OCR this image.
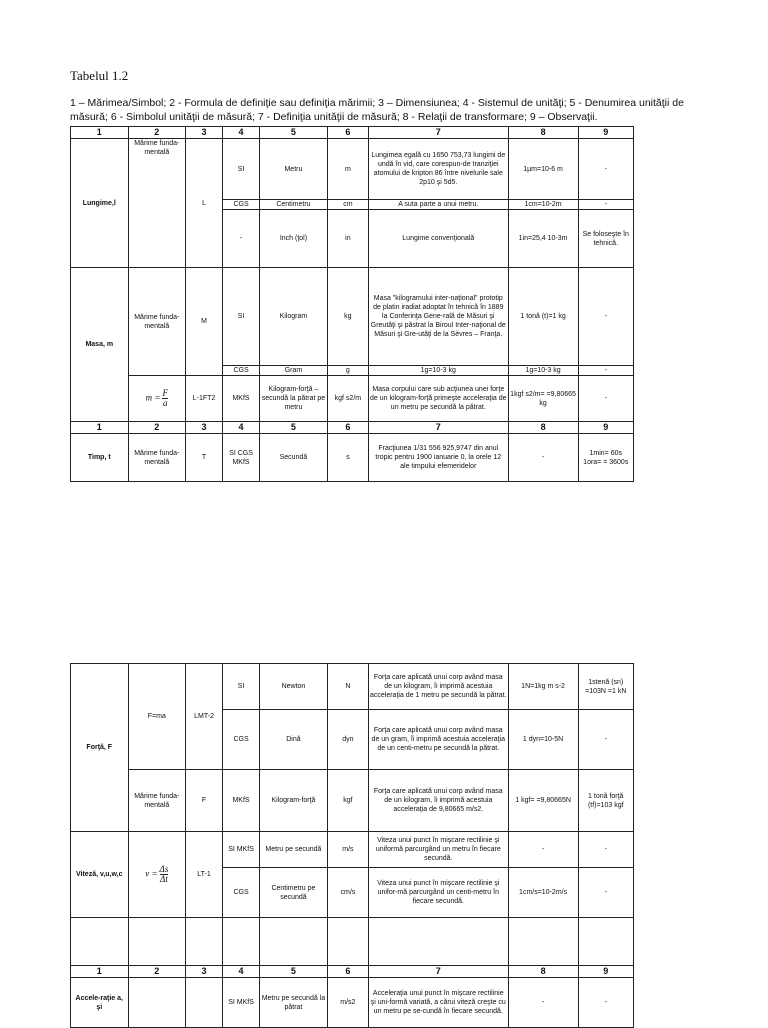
Tabelul 1.2
1 – Mărimea/Simbol; 2 - Formula de definiţie sau definiţia mărimii; 3 – Dimensiunea; 4 - Sistemul de unităţi; 5 - Denumirea unităţii de măsură; 6 - Simbolul unităţii de măsură; 7 - Definiţia unităţii de măsură; 8 - Relaţii de transformare; 9 – Observaţii.
1	2	3	4	5	6	7	8	9
Lungime,l	Mărime funda-mentală	L	SI	Metru	m	Lungimea egală cu 1650 753,73 lungimi de undă în vid, care corespun-de tranziţiei atomului de kripton 86 între nivelurile sale 2p10 şi 5d5.	1μm=10-6 m	-
			CGS	Centimetru	cm	A suta parte a unui metru.	1cm=10-2m	-
			-	Inch (ţol)	in	Lungime convenţională	1in=25,4 10-3m	Se foloseşte în tehnică.
Masa, m	Mărime funda-mentală	M	SI	Kilogram	kg	Masa "kilogramului inter-naţional" prototip de platin iradiat adoptat în tehnică în 1889 la Conferinţa Gene-rală de Măsuri şi Greutăţi şi păstrat la Biroul Inter-naţional de Măsuri şi Gre-utăţi de la Sèvres – Franţa.	1 tonă (t)=1 kg	-
			CGS	Gram	g	1g=10-3 kg	1g=10-3 kg	-
	$m = \frac{F}{a}$	L-1FT2	MKfS	Kilogram-forţă – secundă la pătrat pe metru	kgf s2/m	Masa corpului care sub acţiunea unei forţe de un kilogram-forţă primeşte acceleraţia de un metru pe secundă la pătrat.	1kgf s2/m= =9,80665 kg	-
1	2	3	4	5	6	7	8	9
Timp, t	Mărime funda-mentală	T	SI CGS MKfS	Secundă	s	Fracţiunea 1/31 556 925,9747 din anul tropic pentru 1900 ianuarie 0, la orele 12 ale timpului efemeridelor	-	1min= 60s 1ora= = 3600s
Forţă, F	F=ma	LMT-2	SI	Newton	N	Forţa care aplicată unui corp având masa de un kilogram, îi imprimă acestuia acceleraţia de 1 metru pe secundă la pătrat.	1N=1kg m s-2	1stenă (sn) =103N =1 kN
			CGS	Dină	dyn	Forţa care aplicată unui corp având masa de un gram, îi imprimă acestuia acceleraţia de un centi-metru pe secundă la pătrat.	1 dyn=10-5N	-
	Mărime funda-mentală	F	MKfS	Kilogram-forţă	kgf	Forţa care aplicată unui corp având masa de un kilogram, îi imprimă acestuia acceleraţia de 9,80665 m/s2.	1 kgf= =9,80665N	1 tonă forţă (tf)=103 kgf
Viteză, v,u,w,c	$v = \frac{\Delta s}{\Delta t}$	LT-1	SI MKfS	Metru pe secundă	m/s	Viteza unui punct în mişcare rectilinie şi uniformă parcurgând un metru în fiecare secundă.	-	-
			CGS	Centimetru pe secundă	cm/s	Viteza unui punct în mişcare rectilinie şi unifor-mă parcurgând un centi-metru în fiecare secundă.	1cm/s=10-2m/s	-

1	2	3	4	5	6	7	8	9
Accele-raţie a, şi			SI MKfS	Metru pe secundă la pătrat	m/s2	Acceleraţia unui punct în mişcare rectilinie şi uni-formă variată, a cărui viteză creşte cu un metru pe se-cundă în fiecare secundă.	-	-
